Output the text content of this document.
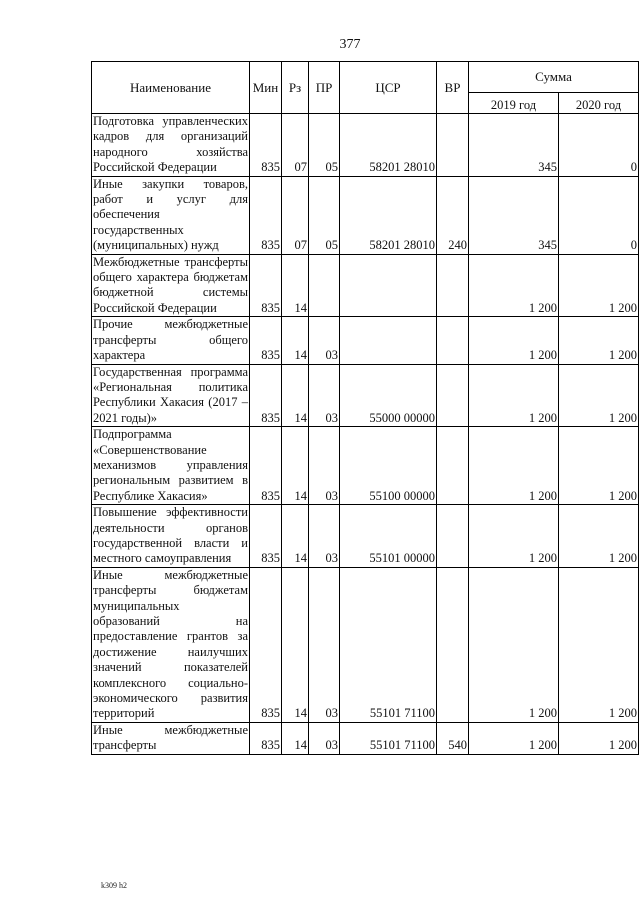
377
Наименование	Мин	Рз	ПР	ЦСР	ВР	Сумма	
						2019 год	2020 год
Подготовка управленческих кадров для организаций народного хозяйства Российской Федерации	835	07	05	58201 28010		345	0
Иные закупки товаров, работ и услуг для обеспечения государственных (муниципальных) нужд	835	07	05	58201 28010	240	345	0
Межбюджетные трансферты общего характера бюджетам бюджетной системы Российской Федерации	835	14				1 200	1 200
Прочие межбюджетные трансферты общего характера	835	14	03			1 200	1 200
Государственная программа «Региональная политика Республики Хакасия (2017 – 2021 годы)»	835	14	03	55000 00000		1 200	1 200
Подпрограмма «Совершенствование механизмов управления региональным развитием в Республике Хакасия»	835	14	03	55100 00000		1 200	1 200
Повышение эффективности деятельности органов государственной власти и местного самоуправления	835	14	03	55101 00000		1 200	1 200
Иные межбюджетные трансферты бюджетам муниципальных образований на предоставление грантов за достижение наилучших значений показателей комплексного социально-экономического развития территорий	835	14	03	55101 71100		1 200	1 200
Иные межбюджетные трансферты	835	14	03	55101 71100	540	1 200	1 200
k309 h2
